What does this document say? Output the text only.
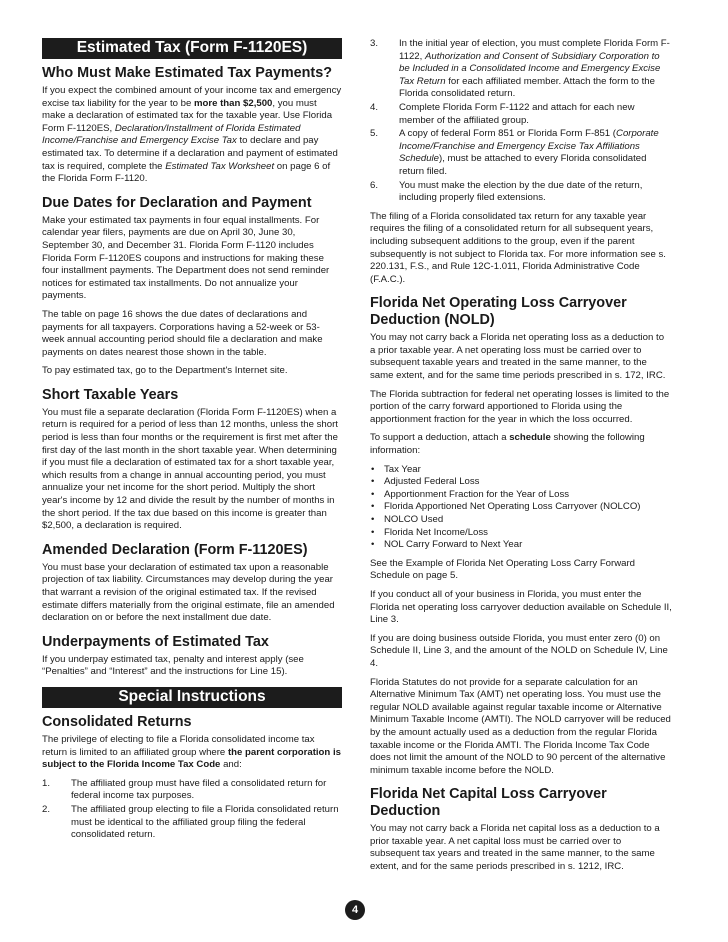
Estimated Tax (Form F-1120ES)
Who Must Make Estimated Tax Payments?

If you expect the combined amount of your income tax and emergency excise tax liability for the year to be more than $2,500, you must make a declaration of estimated tax for the taxable year. Use Florida Form F-1120ES, Declaration/Installment of Florida Estimated Income/Franchise and Emergency Excise Tax to declare and pay estimated tax. To determine if a declaration and payment of estimated tax is required, complete the Estimated Tax Worksheet on page 6 of the Florida Form F-1120.

Due Dates for Declaration and Payment

Make your estimated tax payments in four equal installments. For calendar year filers, payments are due on April 30, June 30, September 30, and December 31. Florida Form F-1120 includes Florida Form F-1120ES coupons and instructions for making these four installment payments. The Department does not send reminder notices for estimated tax installments. Do not annualize your payments.

The table on page 16 shows the due dates of declarations and payments for all taxpayers. Corporations having a 52-week or 53-week annual accounting period should file a declaration and make payments on dates nearest those shown in the table.

To pay estimated tax, go to the Department's Internet site.

Short Taxable Years

You must file a separate declaration (Florida Form F-1120ES) when a return is required for a period of less than 12 months, unless the short period is less than four months or the requirement is first met after the first day of the last month in the short taxable year. When determining if you must file a declaration of estimated tax for a short taxable year, which results from a change in annual accounting period, you must annualize your net income for the short period. Multiply the short year's income by 12 and divide the result by the number of months in the short period. If the tax due based on this income is greater than $2,500, a declaration is required.

Amended Declaration (Form F-1120ES)

You must base your declaration of estimated tax upon a reasonable projection of tax liability. Circumstances may develop during the year that warrant a revision of the original estimated tax. If the revised estimate differs materially from the original estimate, file an amended declaration on or before the next installment due date.

Underpayments of Estimated Tax

If you underpay estimated tax, penalty and interest apply (see “Penalties” and “Interest” and the instructions for Line 15).

Special Instructions
Consolidated Returns

The privilege of electing to file a Florida consolidated income tax return is limited to an affiliated group where the parent corporation is subject to the Florida Income Tax Code and:

1. The affiliated group must have filed a consolidated return for federal income tax purposes.
2. The affiliated group electing to file a Florida consolidated return must be identical to the affiliated group filing the federal consolidated return.
3. In the initial year of election, you must complete Florida Form F-1122, Authorization and Consent of Subsidiary Corporation to be Included in a Consolidated Income and Emergency Excise Tax Return for each affiliated member. Attach the form to the Florida consolidated return.
4. Complete Florida Form F-1122 and attach for each new member of the affiliated group.
5. A copy of federal Form 851 or Florida Form F-851 (Corporate Income/Franchise and Emergency Excise Tax Affiliations Schedule), must be attached to every Florida consolidated return filed.
6. You must make the election by the due date of the return, including properly filed extensions.

The filing of a Florida consolidated tax return for any taxable year requires the filing of a consolidated return for all subsequent years, including subsequent additions to the group, even if the parent subsequently is not subject to Florida tax. For more information see s. 220.131, F.S., and Rule 12C-1.011, Florida Administrative Code (F.A.C.).

Florida Net Operating Loss Carryover Deduction (NOLD)

You may not carry back a Florida net operating loss as a deduction to a prior taxable year. A net operating loss must be carried over to subsequent taxable years and treated in the same manner, to the same extent, and for the same time periods prescribed in s. 172, IRC.

The Florida subtraction for federal net operating losses is limited to the portion of the carry forward apportioned to Florida using the apportionment fraction for the year in which the loss occurred.

To support a deduction, attach a schedule showing the following information:

• Tax Year
• Adjusted Federal Loss
• Apportionment Fraction for the Year of Loss
• Florida Apportioned Net Operating Loss Carryover (NOLCO)
• NOLCO Used
• Florida Net Income/Loss
• NOL Carry Forward to Next Year

See the Example of Florida Net Operating Loss Carry Forward Schedule on page 5.

If you conduct all of your business in Florida, you must enter the Florida net operating loss carryover deduction available on Schedule II, Line 3.

If you are doing business outside Florida, you must enter zero (0) on Schedule II, Line 3, and the amount of the NOLD on Schedule IV, Line 4.

Florida Statutes do not provide for a separate calculation for an Alternative Minimum Tax (AMT) net operating loss. You must use the regular NOLD available against regular taxable income or Alternative Minimum Taxable Income (AMTI). The NOLD carryover will be reduced by the amount actually used as a deduction from the regular Florida taxable income or the Florida AMTI. The Florida Income Tax Code does not limit the amount of the NOLD to 90 percent of the alternative minimum taxable income before the NOLD.

Florida Net Capital Loss Carryover Deduction

You may not carry back a Florida net capital loss as a deduction to a prior taxable year. A net capital loss must be carried over to subsequent tax years and treated in the same manner, to the same extent, and for the same periods prescribed in s. 1212, IRC.

4
